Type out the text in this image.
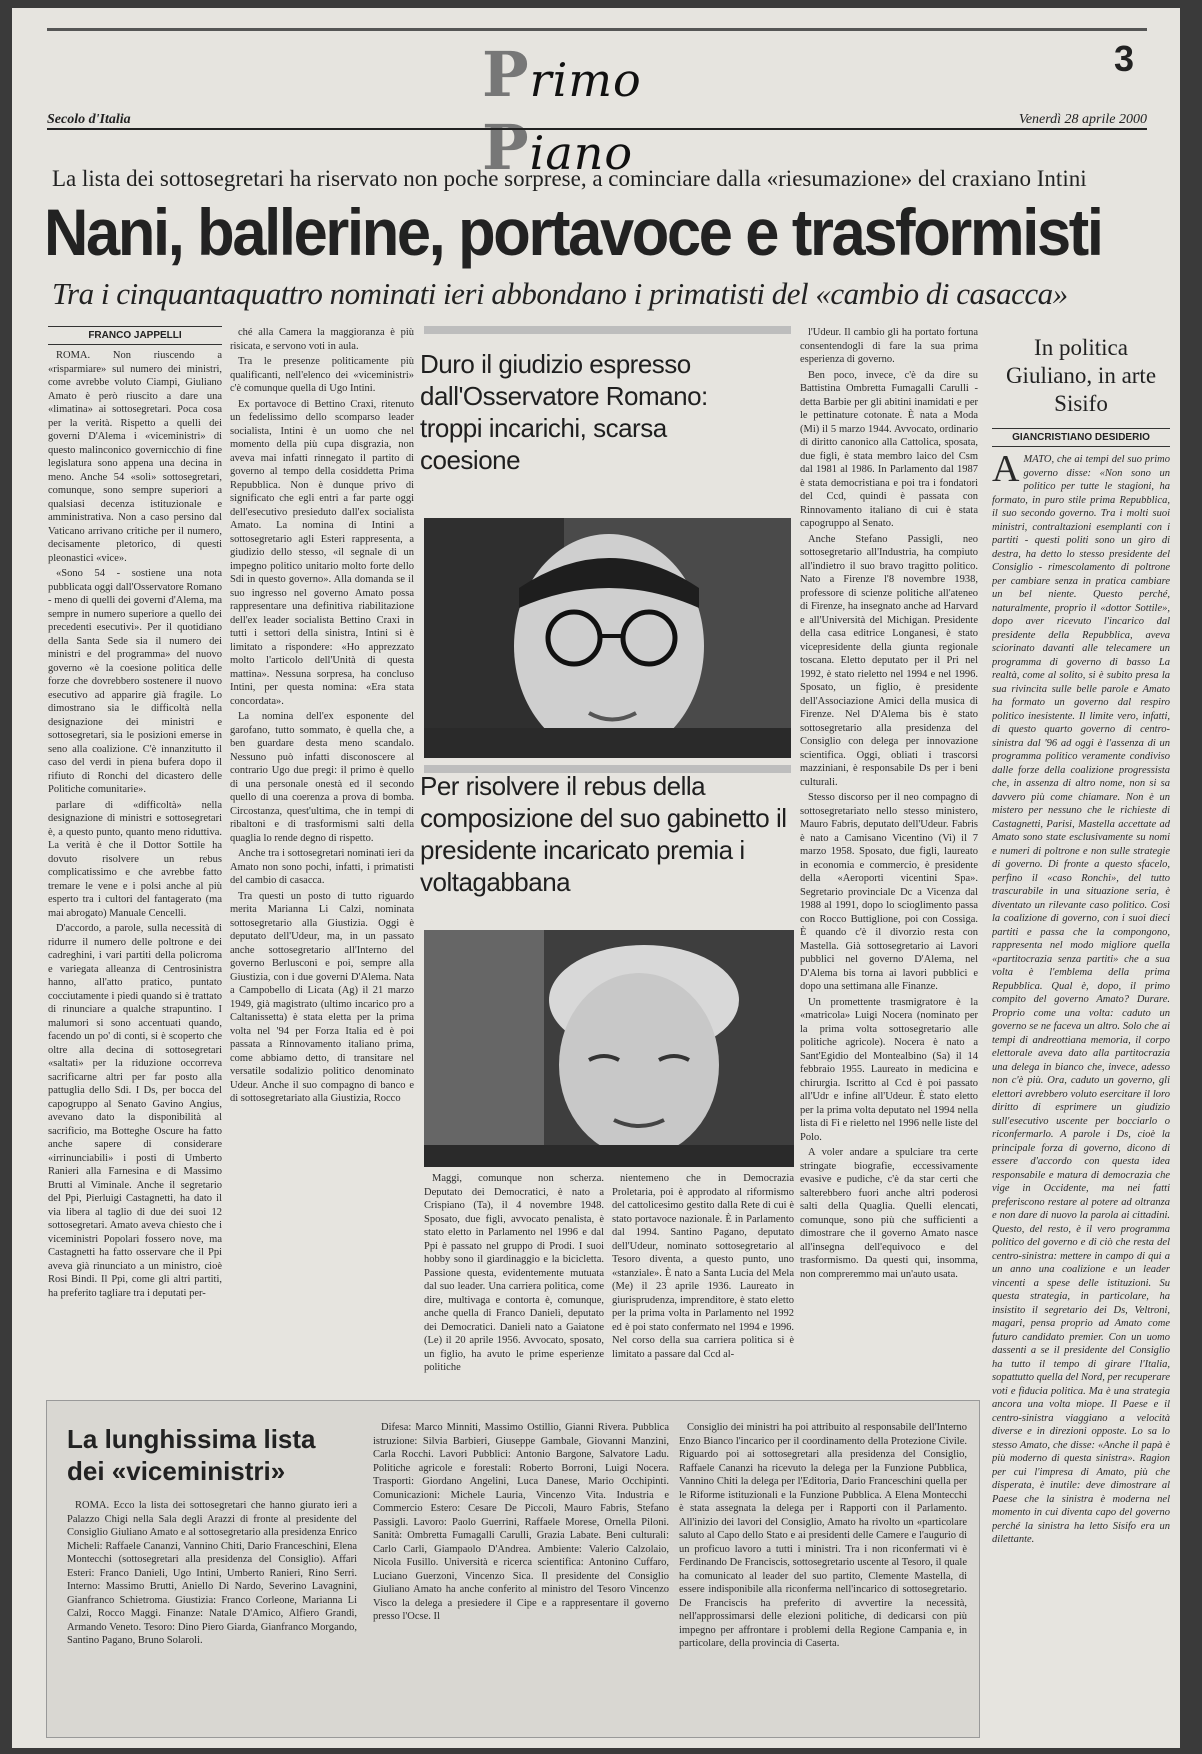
Primo Piano
3
Secolo d'Italia	Venerdì 28 aprile 2000
La lista dei sottosegretari ha riservato non poche sorprese, a cominciare dalla «riesumazione» del craxiano Intini
Nani, ballerine, portavoce e trasformisti
Tra i cinquantaquattro nominati ieri abbondano i primatisti del «cambio di casacca»
FRANCO JAPPELLI

ROMA. Non riuscendo a «risparmiare» sul numero dei ministri, come avrebbe voluto Ciampi, Giuliano Amato è però riuscito a dare una «limatina» ai sottosegretari. Poca cosa per la verità. Rispetto a quelli dei governi D'Alema i «viceministri» di questo malinconico governicchio di fine legislatura sono appena una decina in meno. Anche 54 «soli» sottosegretari, comunque, sono sempre superiori a qualsiasi decenza istituzionale e amministrativa. Non a caso persino dal Vaticano arrivano critiche per il numero, decisamente pletorico, di questi pleonastici «vice».

«Sono 54 - sostiene una nota pubblicata oggi dall'Osservatore Romano - meno di quelli dei governi d'Alema, ma sempre in numero superiore a quello dei precedenti esecutivi». Per il quotidiano della Santa Sede sia il numero dei ministri e del programma» del nuovo governo «è la coesione politica delle forze che dovrebbero sostenere il nuovo esecutivo ad apparire già fragile. Lo dimostrano sia le difficoltà nella designazione dei ministri e sottosegretari, sia le posizioni emerse in seno alla coalizione. C'è innanzitutto il caso del verdi in piena bufera dopo il rifiuto di Ronchi del dicastero delle Politiche comunitarie».

parlare di «difficoltà» nella designazione di ministri e sottosegretari è, a questo punto, quanto meno riduttiva. La verità è che il Dottor Sottile ha dovuto risolvere un rebus complicatissimo e che avrebbe fatto tremare le vene e i polsi anche al più esperto tra i cultori del fantagerato (ma mai abrogato) Manuale Cencelli.

D'accordo, a parole, sulla necessità di ridurre il numero delle poltrone e dei cadreghini, i vari partiti della policroma e variegata alleanza di Centrosinistra hanno, all'atto pratico, puntato cocciutamente i piedi quando si è trattato di rinunciare a qualche strapuntino. I malumori si sono accentuati quando, facendo un po' di conti, si è scoperto che oltre alla decina di sottosegretari «saltati» per la riduzione occorreva sacrificarne altri per far posto alla pattuglia dello Sdi. I Ds, per bocca del capogruppo al Senato Gavino Angius, avevano dato la disponibilità al sacrificio, ma Botteghe Oscure ha fatto anche sapere di considerare «irrinunciabili» i posti di Umberto Ranieri alla Farnesina e di Massimo Brutti al Viminale. Anche il segretario del Ppi, Pierluigi Castagnetti, ha dato il via libera al taglio di due dei suoi 12 sottosegretari. Amato aveva chiesto che i viceministri Popolari fossero nove, ma Castagnetti ha fatto osservare che il Ppi aveva già rinunciato a un ministro, cioè Rosi Bindi. Il Ppi, come gli altri partiti, ha preferito tagliare tra i deputati per-

ché alla Camera la maggioranza è più risicata, e servono voti in aula.

Tra le presenze politicamente più qualificanti, nell'elenco dei «viceministri» c'è comunque quella di Ugo Intini.

Ex portavoce di Bettino Craxi, ritenuto un fedelissimo dello scomparso leader socialista, Intini è un uomo che nel momento della più cupa disgrazia, non aveva mai infatti rinnegato il partito di governo al tempo della cosiddetta Prima Repubblica. Non è dunque privo di significato che egli entri a far parte oggi dell'esecutivo presieduto dall'ex socialista Amato. La nomina di Intini a sottosegretario agli Esteri rappresenta, a giudizio dello stesso, «il segnale di un impegno politico unitario molto forte dello Sdi in questo governo». Alla domanda se il suo ingresso nel governo Amato possa rappresentare una definitiva riabilitazione dell'ex leader socialista Bettino Craxi in tutti i settori della sinistra, Intini si è limitato a rispondere: «Ho apprezzato molto l'articolo dell'Unità di questa mattina». Nessuna sorpresa, ha concluso Intini, per questa nomina: «Era stata concordata».

La nomina dell'ex esponente del garofano, tutto sommato, è quella che, a ben guardare desta meno scandalo. Nessuno può infatti disconoscere al contrario Ugo due pregi: il primo è quello di una personale onestà ed il secondo quello di una coerenza a prova di bomba. Circostanza, quest'ultima, che in tempi di ribaltoni e di trasformismi salti della quaglia lo rende degno di rispetto.

Anche tra i sottosegretari nominati ieri da Amato non sono pochi, infatti, i primatisti del cambio di casacca.

Tra questi un posto di tutto riguardo merita Marianna Li Calzi, nominata sottosegretario alla Giustizia. Oggi è deputato dell'Udeur, ma, in un passato anche sottosegretario all'Interno del governo Berlusconi e poi, sempre alla Giustizia, con i due governi D'Alema. Nata a Campobello di Licata (Ag) il 21 marzo 1949, già magistrato (ultimo incarico pro a Caltanissetta) è stata eletta per la prima volta nel '94 per Forza Italia ed è poi passata a Rinnovamento italiano prima, come abbiamo detto, di transitare nel versatile sodalizio politico denominato Udeur. Anche il suo compagno di banco e di sottosegretariato alla Giustizia, Rocco

Duro il giudizio espresso dall'Osservatore Romano: troppi incarichi, scarsa coesione
Per risolvere il rebus della composizione del suo gabinetto il presidente incaricato premia i voltagabbana

Maggi, comunque non scherza. Deputato dei Democratici, è nato a Crispiano (Ta), il 4 novembre 1948. Sposato, due figli, avvocato penalista, è stato eletto in Parlamento nel 1996 e dal Ppi è passato nel gruppo di Prodi. I suoi hobby sono il giardinaggio e la bicicletta. Passione questa, evidentemente mutuata dal suo leader. Una carriera politica, come dire, multivaga e contorta è, comunque, anche quella di Franco Danieli, deputato dei Democratici. Danieli nato a Gaiatone (Le) il 20 aprile 1956. Avvocato, sposato, un figlio, ha avuto le prime esperienze politiche

nientemeno che in Democrazia Proletaria, poi è approdato al riformismo del cattolicesimo gestito dalla Rete di cui è stato portavoce nazionale. È in Parlamento dal 1994. Santino Pagano, deputato dell'Udeur, nominato sottosegretario al Tesoro diventa, a questo punto, uno «stanziale». È nato a Santa Lucia del Mela (Me) il 23 aprile 1936. Laureato in giurisprudenza, imprenditore, è stato eletto per la prima volta in Parlamento nel 1992 ed è poi stato confermato nel 1994 e 1996. Nel corso della sua carriera politica si è limitato a passare dal Ccd al-

l'Udeur. Il cambio gli ha portato fortuna consentendogli di fare la sua prima esperienza di governo.

Ben poco, invece, c'è da dire su Battistina Ombretta Fumagalli Carulli - detta Barbie per gli abitini inamidati e per le pettinature cotonate. È nata a Moda (Mi) il 5 marzo 1944. Avvocato, ordinario di diritto canonico alla Cattolica, sposata, due figli, è stata membro laico del Csm dal 1981 al 1986. In Parlamento dal 1987 è stata democristiana e poi tra i fondatori del Ccd, quindi è passata con Rinnovamento italiano di cui è stata capogruppo al Senato.

Anche Stefano Passigli, neo sottosegretario all'Industria, ha compiuto all'indietro il suo bravo tragitto politico. Nato a Firenze l'8 novembre 1938, professore di scienze politiche all'ateneo di Firenze, ha insegnato anche ad Harvard e all'Università del Michigan. Presidente della casa editrice Longanesi, è stato vicepresidente della giunta regionale toscana. Eletto deputato per il Pri nel 1992, è stato rieletto nel 1994 e nel 1996. Sposato, un figlio, è presidente dell'Associazione Amici della musica di Firenze. Nel D'Alema bis è stato sottosegretario alla presidenza del Consiglio con delega per innovazione scientifica. Oggi, obliati i trascorsi mazziniani, è responsabile Ds per i beni culturali.

Stesso discorso per il neo compagno di sottosegretariato nello stesso ministero, Mauro Fabris, deputato dell'Udeur. Fabris è nato a Camisano Vicentino (Vi) il 7 marzo 1958. Sposato, due figli, laureato in economia e commercio, è presidente della «Aeroporti vicentini Spa». Segretario provinciale Dc a Vicenza dal 1988 al 1991, dopo lo scioglimento passa con Rocco Buttiglione, poi con Cossiga. È quando c'è il divorzio resta con Mastella. Già sottosegretario ai Lavori pubblici nel governo D'Alema, nel D'Alema bis torna ai lavori pubblici e dopo una settimana alle Finanze.

Un promettente trasmigratore è la «matricola» Luigi Nocera (nominato per la prima volta sottosegretario alle politiche agricole). Nocera è nato a Sant'Egidio del Montealbino (Sa) il 14 febbraio 1955. Laureato in medicina e chirurgia. Iscritto al Ccd è poi passato all'Udr e infine all'Udeur. È stato eletto per la prima volta deputato nel 1994 nella lista di Fi e rieletto nel 1996 nelle liste del Polo.

A voler andare a spulciare tra certe stringate biografie, eccessivamente evasive e pudiche, c'è da star certi che salterebbero fuori anche altri poderosi salti della Quaglia. Quelli elencati, comunque, sono più che sufficienti a dimostrare che il governo Amato nasce all'insegna dell'equivoco e del trasformismo. Da questi qui, insomma, non compreremmo mai un'auto usata.

In politica Giuliano, in arte Sisifo
GIANCRISTIANO DESIDERIO
AMATO, che ai tempi del suo primo governo disse: «Non sono un politico per tutte le stagioni, ha formato, in puro stile prima Repubblica, il suo secondo governo. Tra i molti suoi ministri, contraltazioni esemplanti con i partiti - questi politi sono un giro di destra, ha detto lo stesso presidente del Consiglio - rimescolamento di poltrone per cambiare senza in pratica cambiare un bel niente. Questo perché, naturalmente, proprio il «dottor Sottile», dopo aver ricevuto l'incarico dal presidente della Repubblica, aveva sciorinato davanti alle telecamere un programma di governo di basso La realtà, come al solito, si è subito presa la sua rivincita sulle belle parole e Amato ha formato un governo dal respiro politico inesistente. Il limite vero, infatti, di questo quarto governo di centro-sinistra dal '96 ad oggi è l'assenza di un programma politico veramente condiviso dalle forze della coalizione progressista che, in assenza di altro nome, non si sa davvero più come chiamare. Non è un mistero per nessuno che le richieste di Castagnetti, Parisi, Mastella accettate ad Amato sono state esclusivamente su nomi e numeri di poltrone e non sulle strategie di governo. Di fronte a questo sfacelo, perfino il «caso Ronchi», del tutto trascurabile in una situazione seria, è diventato un rilevante caso politico. Così la coalizione di governo, con i suoi dieci partiti e passa che la compongono, rappresenta nel modo migliore quella «partitocrazia senza partiti» che a sua volta è l'emblema della prima Repubblica. Qual è, dopo, il primo compito del governo Amato? Durare. Proprio come una volta: caduto un governo se ne faceva un altro. Solo che ai tempi di andreottiana memoria, il corpo elettorale aveva dato alla partitocrazia una delega in bianco che, invece, adesso non c'è più. Ora, caduto un governo, gli elettori avrebbero voluto esercitare il loro diritto di esprimere un giudizio sull'esecutivo uscente per bocciarlo o riconfermarlo. A parole i Ds, cioè la principale forza di governo, dicono di essere d'accordo con questa idea responsabile e matura di democrazia che vige in Occidente, ma nei fatti preferiscono restare al potere ad oltranza e non dare di nuovo la parola ai cittadini. Questo, del resto, è il vero programma politico del governo e di ciò che resta del centro-sinistra: mettere in campo di qui a un anno una coalizione e un leader vincenti a spese delle istituzioni. Su questa strategia, in particolare, ha insistito il segretario dei Ds, Veltroni, magari, pensa proprio ad Amato come futuro candidato premier. Con un uomo dassenti a se il presidente del Consiglio ha tutto il tempo di girare l'Italia, sopattutto quella del Nord, per recuperare voti e fiducia politica. Ma è una strategia ancora una volta miope. Il Paese e il centro-sinistra viaggiano a velocità diverse e in direzioni opposte. Lo sa lo stesso Amato, che disse: «Anche il papà è più moderno di questa sinistra». Ragion per cui l'impresa di Amato, più che disperata, è inutile: deve dimostrare al Paese che la sinistra è moderna nel momento in cui diventa capo del governo perché la sinistra ha letto Sisifo era un dilettante.
La lunghissima lista dei «viceministri»

ROMA. Ecco la lista dei sottosegretari che hanno giurato ieri a Palazzo Chigi nella Sala degli Arazzi di fronte al presidente del Consiglio Giuliano Amato e al sottosegretario alla presidenza Enrico Micheli: Raffaele Cananzi, Vannino Chiti, Dario Franceschini, Elena Montecchi (sottosegretari alla presidenza del Consiglio). Affari Esteri: Franco Danieli, Ugo Intini, Umberto Ranieri, Rino Serri. Interno: Massimo Brutti, Aniello Di Nardo, Severino Lavagnini, Gianfranco Schietroma. Giustizia: Franco Corleone, Marianna Li Calzi, Rocco Maggi. Finanze: Natale D'Amico, Alfiero Grandi, Armando Veneto. Tesoro: Dino Piero Giarda, Gianfranco Morgando, Santino Pagano, Bruno Solaroli.

Difesa: Marco Minniti, Massimo Ostillio, Gianni Rivera. Pubblica istruzione: Silvia Barbieri, Giuseppe Gambale, Giovanni Manzini, Carla Rocchi. Lavori Pubblici: Antonio Bargone, Salvatore Ladu. Politiche agricole e forestali: Roberto Borroni, Luigi Nocera. Trasporti: Giordano Angelini, Luca Danese, Mario Occhipinti. Comunicazioni: Michele Lauria, Vincenzo Vita. Industria e Commercio Estero: Cesare De Piccoli, Mauro Fabris, Stefano Passigli. Lavoro: Paolo Guerrini, Raffaele Morese, Ornella Piloni. Sanità: Ombretta Fumagalli Carulli, Grazia Labate. Beni culturali: Carlo Carli, Giampaolo D'Andrea. Ambiente: Valerio Calzolaio, Nicola Fusillo. Università e ricerca scientifica: Antonino Cuffaro, Luciano Guerzoni, Vincenzo Sica. Il presidente del Consiglio Giuliano Amato ha anche conferito al ministro del Tesoro Vincenzo Visco la delega a presiedere il Cipe e a rappresentare il governo presso l'Ocse. Il

Consiglio dei ministri ha poi attribuito al responsabile dell'Interno Enzo Bianco l'incarico per il coordinamento della Protezione Civile. Riguardo poi ai sottosegretari alla presidenza del Consiglio, Raffaele Cananzi ha ricevuto la delega per la Funzione Pubblica, Vannino Chiti la delega per l'Editoria, Dario Franceschini quella per le Riforme istituzionali e la Funzione Pubblica. A Elena Montecchi è stata assegnata la delega per i Rapporti con il Parlamento. All'inizio dei lavori del Consiglio, Amato ha rivolto un «particolare saluto al Capo dello Stato e ai presidenti delle Camere e l'augurio di un proficuo lavoro a tutti i ministri. Tra i non riconfermati vi è Ferdinando De Franciscis, sottosegretario uscente al Tesoro, il quale ha comunicato al leader del suo partito, Clemente Mastella, di essere indisponibile alla riconferma nell'incarico di sottosegretario. De Franciscis ha preferito di avvertire la necessità, nell'approssimarsi delle elezioni politiche, di dedicarsi con più impegno per affrontare i problemi della Regione Campania e, in particolare, della provincia di Caserta.
